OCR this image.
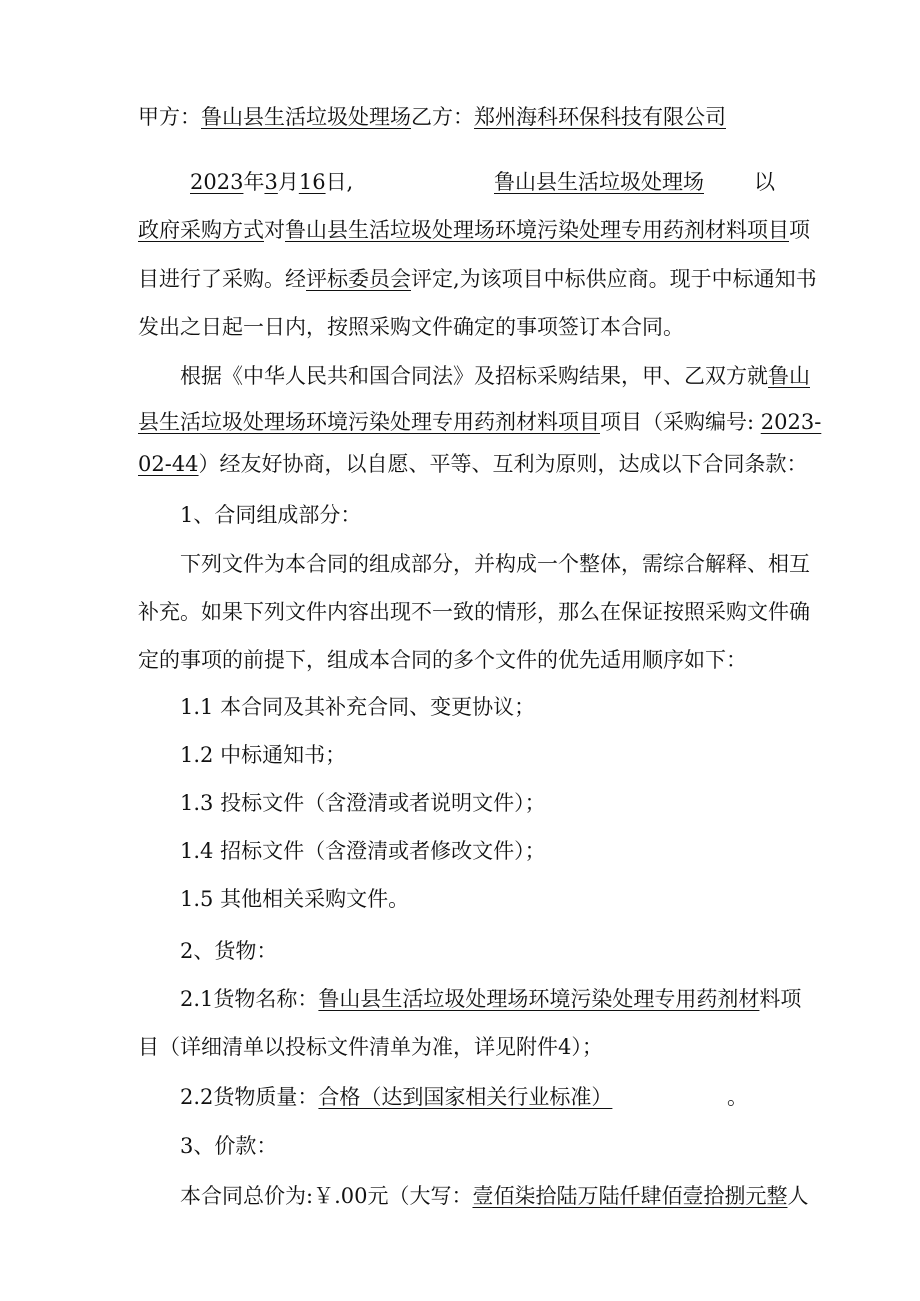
甲方：鲁山县生活垃圾处理场乙方：郑州海科环保科技有限公司

2023年3月16日,	鲁山县生活垃圾处理场 以

政府采购方式对鲁山县生活垃圾处理场环境污染处理专用药剂材料项目项

目进行了采购。经评标委员会评定,为该项目中标供应商。现于中标通知书

发出之日起一日内，按照采购文件确定的事项签订本合同。

根据《中华人民共和国合同法》及招标采购结果，甲、乙双方就鲁山

县生活垃圾处理场环境污染处理专用药剂材料项目项目（采购编号: 2023-

02-44）经友好协商，以自愿、平等、互利为原则，达成以下合同条款：

1、合同组成部分：

下列文件为本合同的组成部分，并构成一个整体，需综合解释、相互

补充。如果下列文件内容出现不一致的情形，那么在保证按照采购文件确

定的事项的前提下，组成本合同的多个文件的优先适用顺序如下：

1.1 本合同及其补充合同、变更协议；

1.2 中标通知书；

1.3 投标文件（含澄清或者说明文件）；

1.4 招标文件（含澄清或者修改文件）；

1.5 其他相关采购文件。

2、货物：

2.1货物名称：鲁山县生活垃圾处理场环境污染处理专用药剂材料项

目（详细清单以投标文件清单为准，详见附件4）；

2.2货物质量：合格（达到国家相关行业标准）	。

3、价款：

本合同总价为:￥.00元（大写：壹佰柒拾陆万陆仟肆佰壹拾捌元整人
